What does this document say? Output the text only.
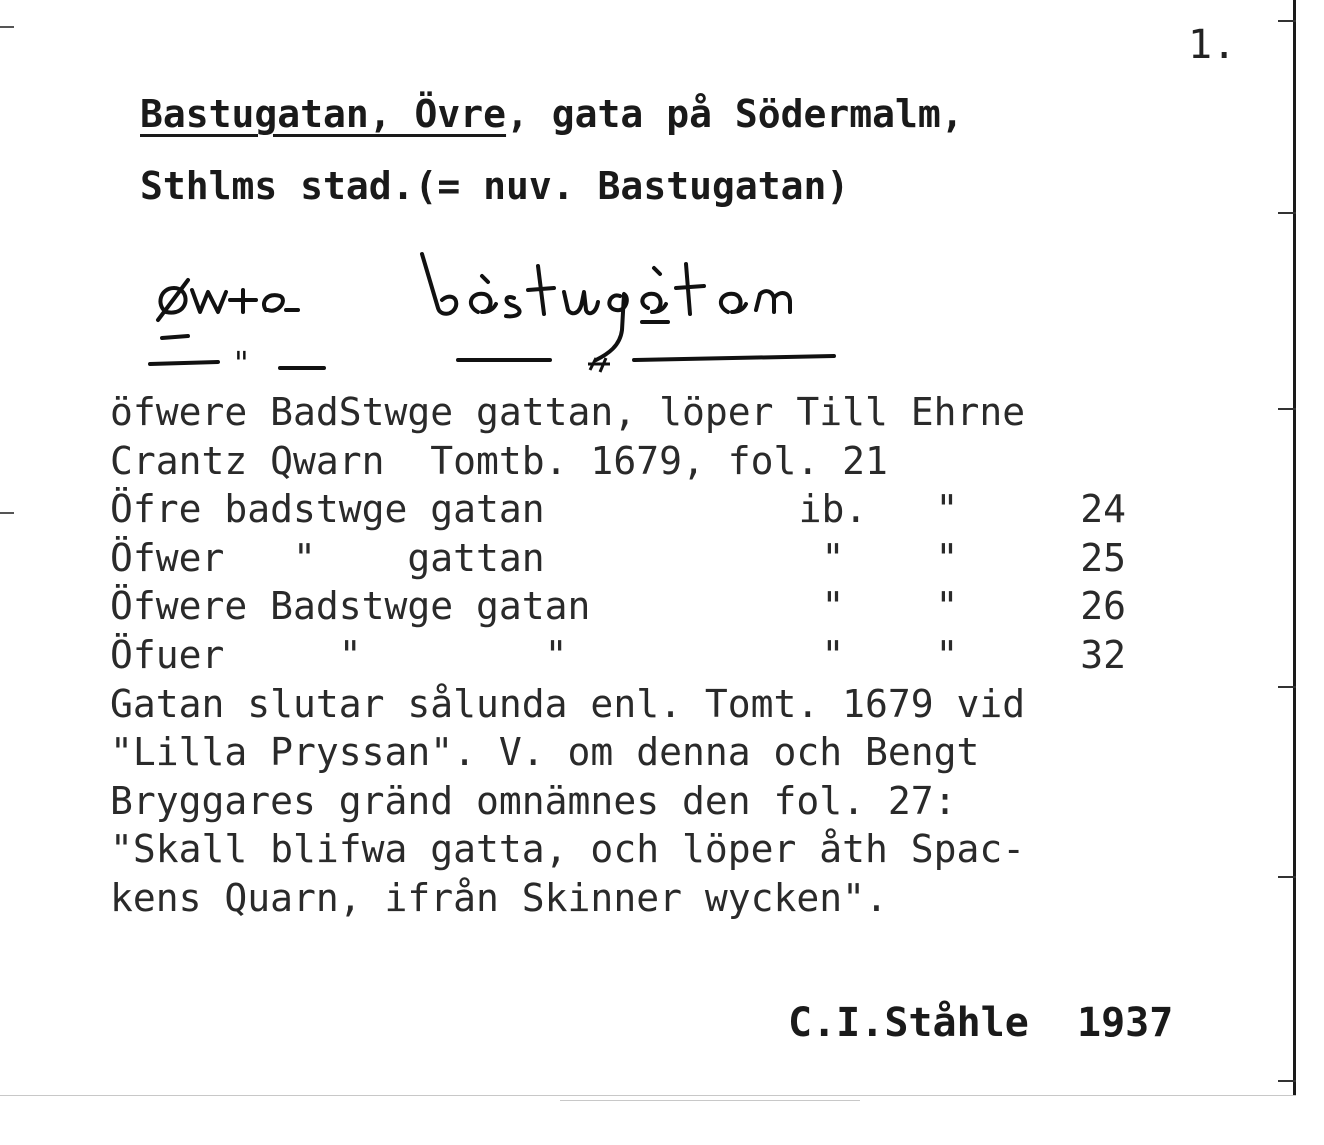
1.
Bastugatan, Övre, gata på Södermalm,
Sthlms stad.(= nuv. Bastugatan)
"
öfwere BadStwge gattan, löper Till Ehrne
Crantz Qwarn  Tomtb. 1679, fol. 21
Öfre badstwge gatan	ib. "	24
Öfwer   "    gattan	" "	25
Öfwere Badstwge gatan	" "	26
Öfuer     "        "	" "	32
Gatan slutar sålunda enl. Tomt. 1679 vid
"Lilla Pryssan". V. om denna och Bengt
Bryggares gränd omnämnes den fol. 27:
"Skall blifwa gatta, och löper åth Spac-
kens Quarn, ifrån Skinner wycken".
C.I.Ståhle 1937
